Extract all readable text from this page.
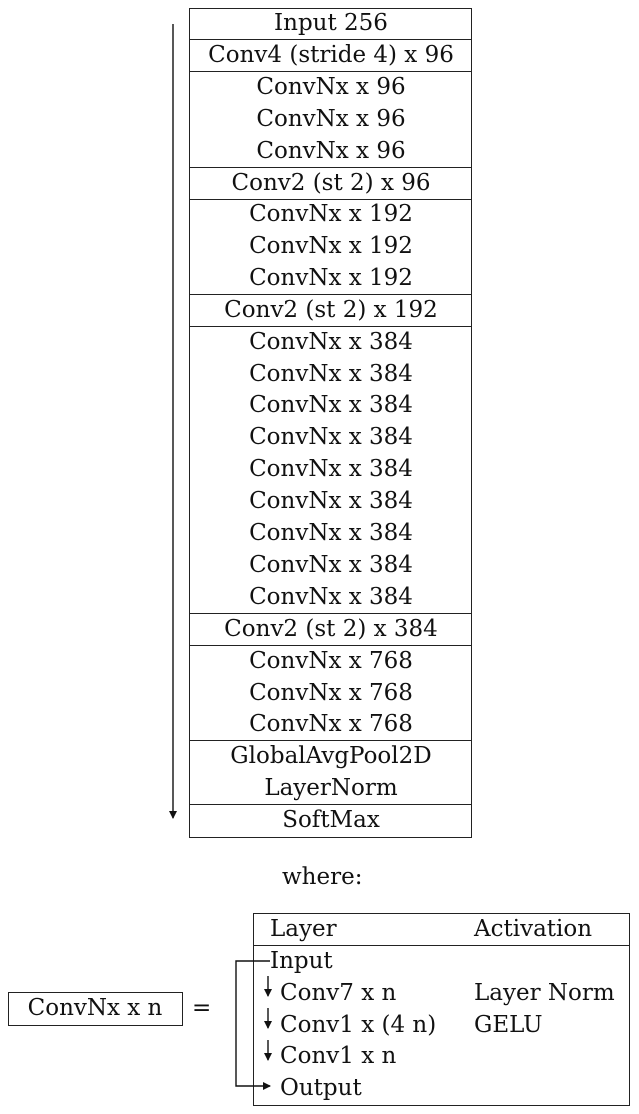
Input 256
Conv4 (stride 4) x 96
ConvNx x 96
ConvNx x 96
ConvNx x 96
Conv2 (st 2) x 96
ConvNx x 192
ConvNx x 192
ConvNx x 192
Conv2 (st 2) x 192
ConvNx x 384
ConvNx x 384
ConvNx x 384
ConvNx x 384
ConvNx x 384
ConvNx x 384
ConvNx x 384
ConvNx x 384
ConvNx x 384
Conv2 (st 2) x 384
ConvNx x 768
ConvNx x 768
ConvNx x 768
GlobalAvgPool2D
LayerNorm
SoftMax
where:
ConvNx x n =
Layer	Activation
Input
Conv7 x n	Layer Norm
Conv1 x (4 n) GELU
Conv1 x n
Output
